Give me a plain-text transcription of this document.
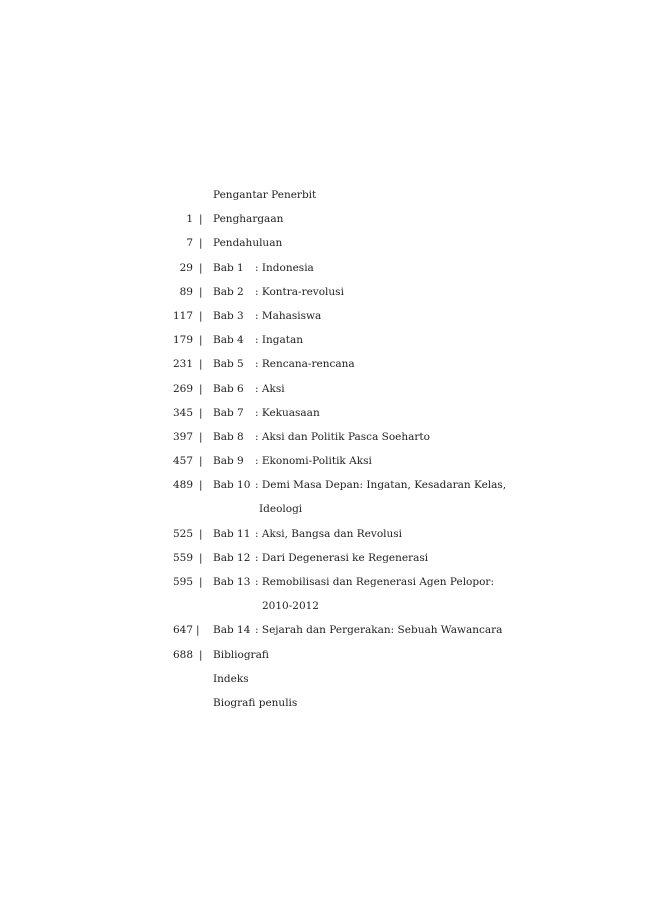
Pengantar Penerbit
1 | Penghargaan
7 | Pendahuluan
29 | Bab 1 : Indonesia
89 | Bab 2 : Kontra-revolusi
117 | Bab 3 : Mahasiswa
179 | Bab 4 : Ingatan
231 | Bab 5 : Rencana-rencana
269 | Bab 6 : Aksi
345 | Bab 7 : Kekuasaan
397 | Bab 8 : Aksi dan Politik Pasca Soeharto
457 | Bab 9 : Ekonomi-Politik Aksi
489 | Bab 10 : Demi Masa Depan: Ingatan, Kesadaran Kelas,
Ideologi
525 | Bab 11 : Aksi, Bangsa dan Revolusi
559 | Bab 12 : Dari Degenerasi ke Regenerasi
595 | Bab 13 : Remobilisasi dan Regenerasi Agen Pelopor:
2010-2012
647 | Bab 14 : Sejarah dan Pergerakan: Sebuah Wawancara
688 | Bibliografi
Indeks
Biografi penulis
